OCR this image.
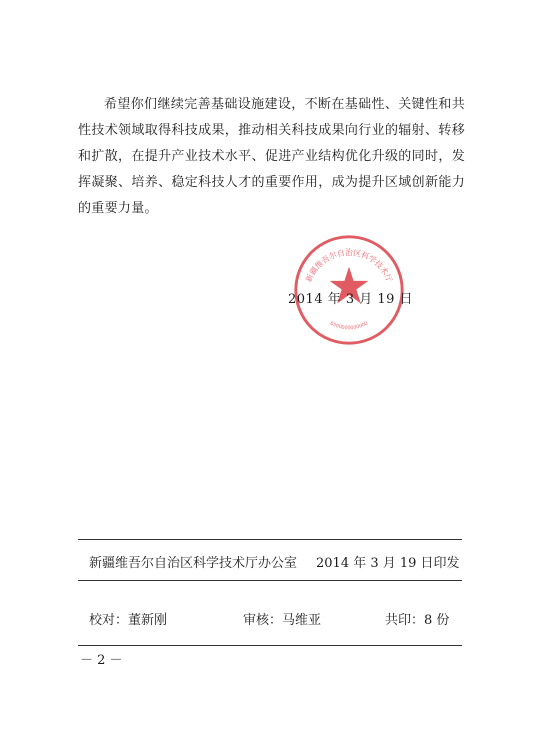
希望你们继续完善基础设施建设，不断在基础性、关键性和共性技术领域取得科技成果，推动相关科技成果向行业的辐射、转移和扩散，在提升产业技术水平、促进产业结构优化升级的同时，发挥凝聚、培养、稳定科技人才的重要作用，成为提升区域创新能力的重要力量。

新疆维吾尔自治区科学技术厅
6500000000000
2014 年 3 月 19 日
新疆维吾尔自治区科学技术厅办公室 2014 年 3 月 19 日印发
校对：董新刚	审核：马维亚	共印：8 份
－ 2 －
